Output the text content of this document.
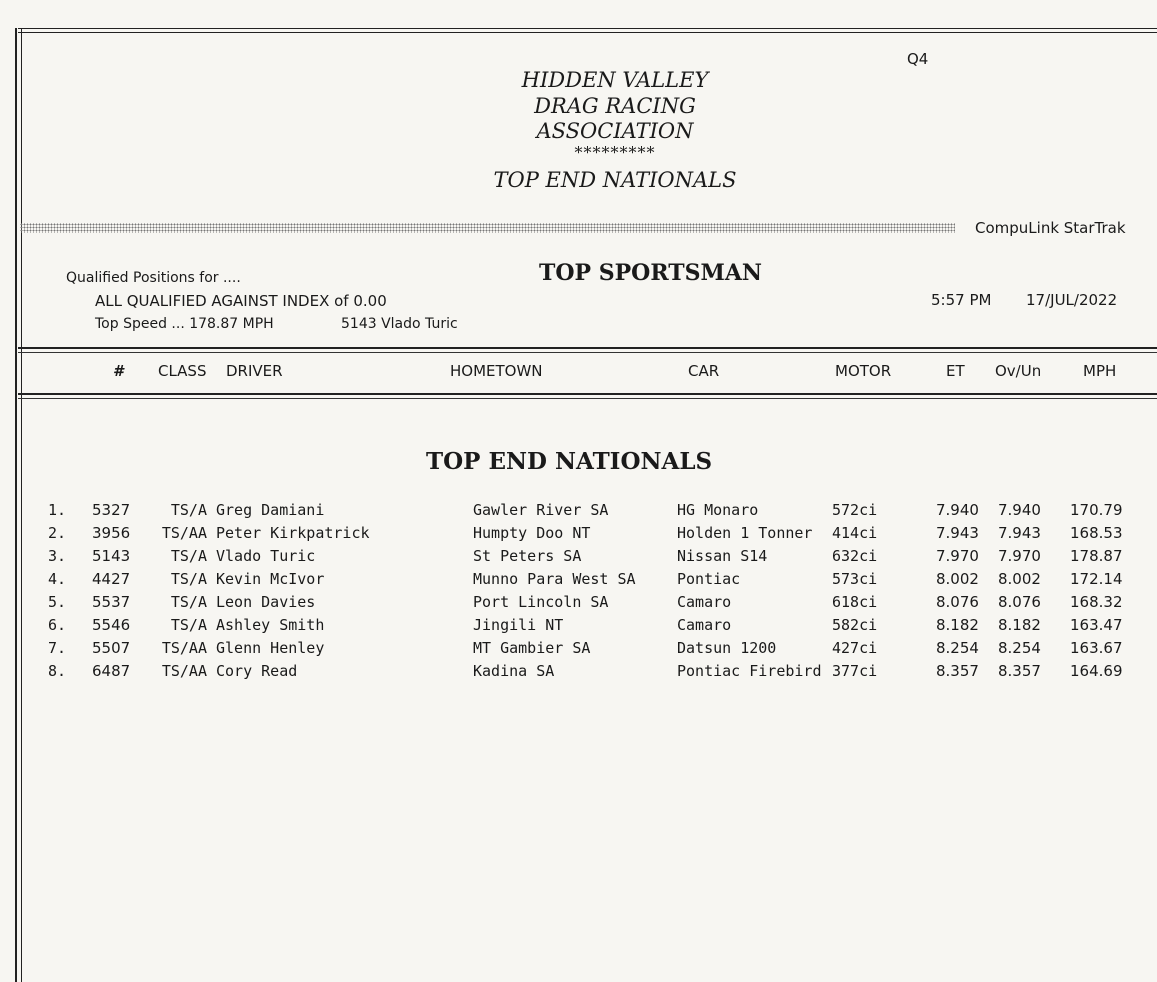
Q4
HIDDEN VALLEY
DRAG RACING
ASSOCIATION
*********
TOP END NATIONALS
CompuLink StarTrak
Qualified Positions for ....
ALL QUALIFIED AGAINST INDEX of 0.00
Top Speed ... 178.87 MPH	5143 Vlado Turic
TOP SPORTSMAN
5:57 PM 17/JUL/2022
# CLASS DRIVER	HOMETOWN	CAR	MOTOR	ET Ov/Un	MPH
TOP END NATIONALS
1. 5327	TS/A Greg Damiani	Gawler River SA	HG Monaro	572ci	7.940 7.940 170.79
2. 3956	TS/AA Peter Kirkpatrick	Humpty Doo NT	Holden 1 Tonner 414ci	7.943 7.943 168.53
3. 5143	TS/A Vlado Turic	St Peters SA	Nissan S14	632ci	7.970 7.970 178.87
4. 4427	TS/A Kevin McIvor	Munno Para West SA	Pontiac	573ci	8.002 8.002 172.14
5. 5537	TS/A Leon Davies	Port Lincoln SA	Camaro	618ci	8.076 8.076 168.32
6. 5546	TS/A Ashley Smith	Jingili NT	Camaro	582ci	8.182 8.182 163.47
7. 5507	TS/AA Glenn Henley	MT Gambier SA	Datsun 1200	427ci	8.254 8.254 163.67
8. 6487	TS/AA Cory Read	Kadina SA	Pontiac Firebird 377ci	8.357 8.357 164.69
